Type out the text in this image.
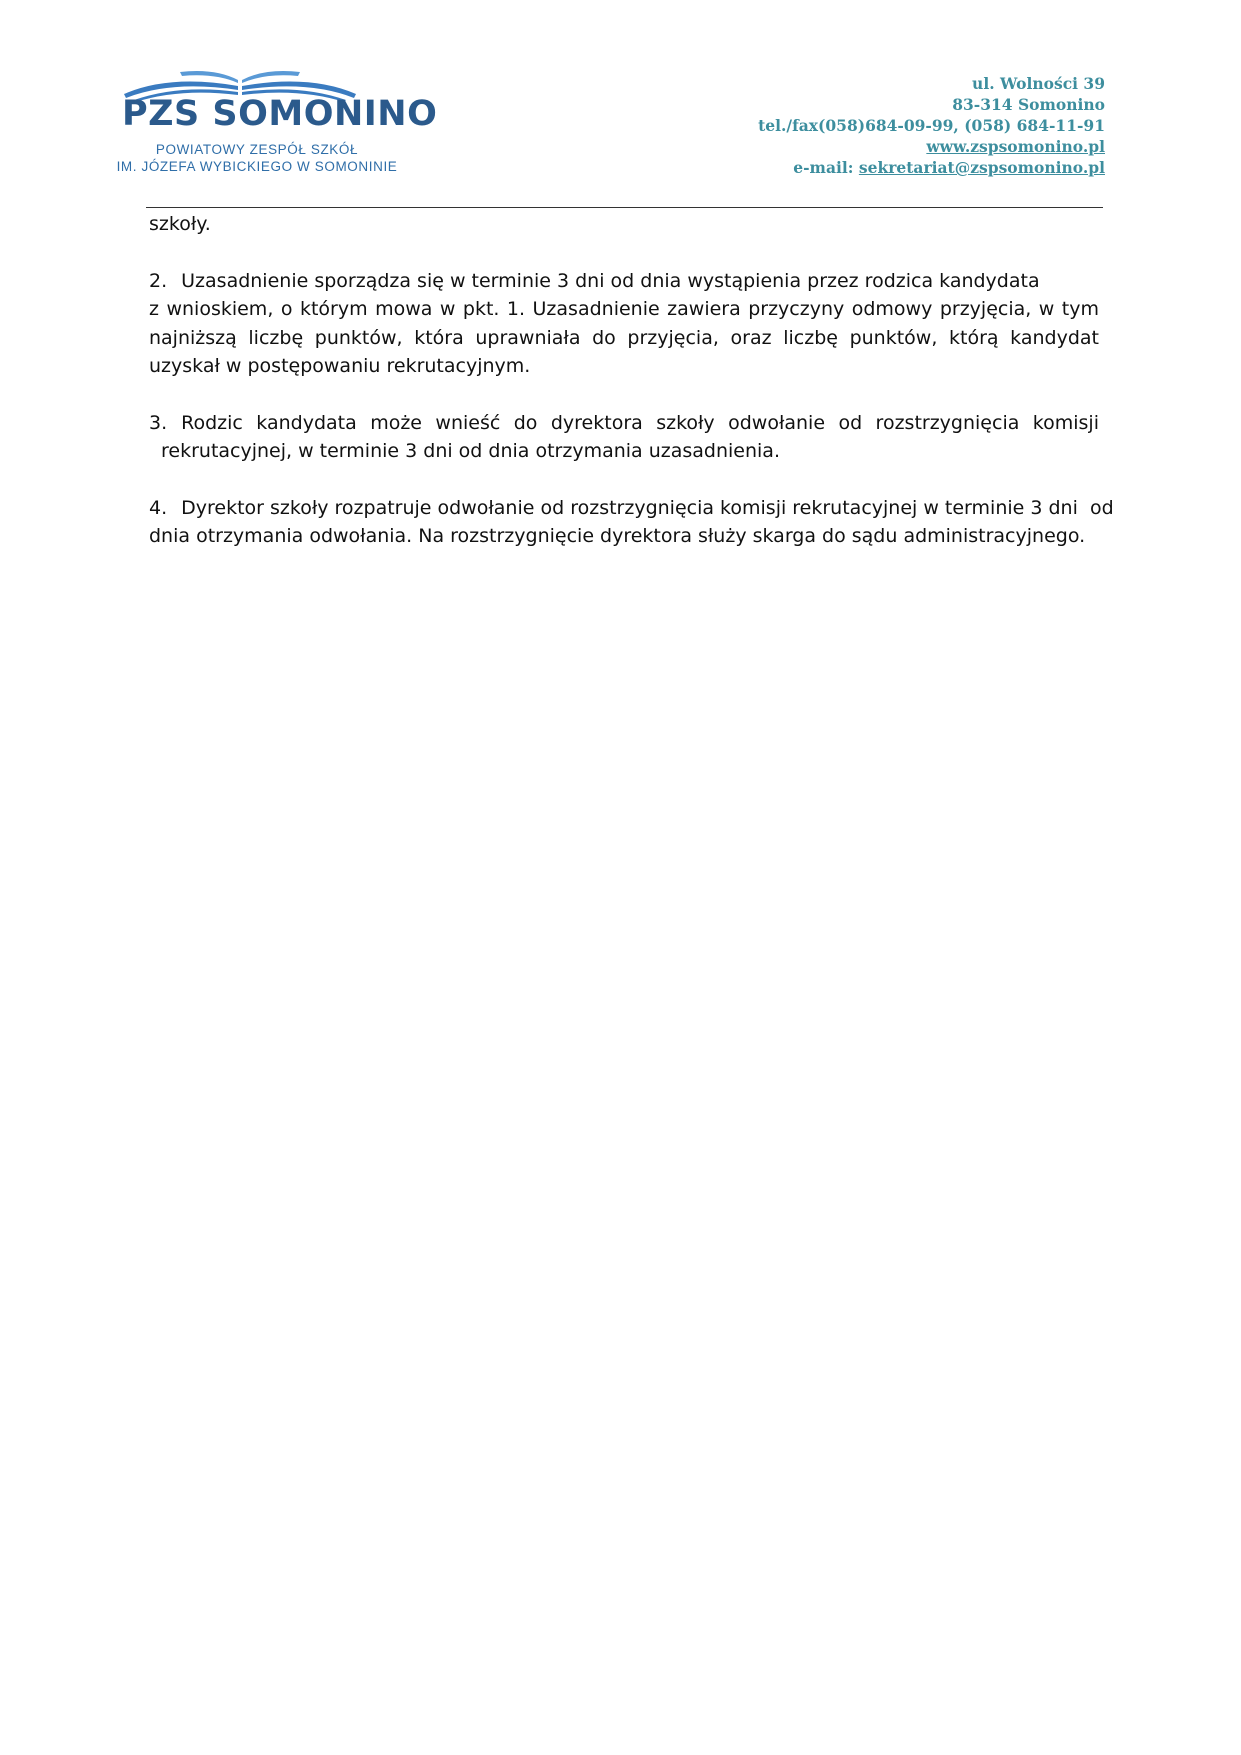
PZS SOMONINO
POWIATOWY ZESPÓŁ SZKÓŁ
IM. JÓZEFA WYBICKIEGO W SOMONINIE
ul. Wolności 39
83-314 Somonino
tel./fax(058)684-09-99, (058) 684-11-91
www.zspsomonino.pl
e-mail: sekretariat@zspsomonino.pl

szkoły.

2. Uzasadnienie sporządza się w terminie 3 dni od dnia wystąpienia przez rodzica kandydata

z wnioskiem, o którym mowa w pkt. 1. Uzasadnienie zawiera przyczyny odmowy przyjęcia, w tym najniższą liczbę punktów, która uprawniała do przyjęcia, oraz liczbę punktów, którą kandydat uzyskał w postępowaniu rekrutacyjnym.

3. Rodzic kandydata może wnieść do dyrektora szkoły odwołanie od rozstrzygnięcia komisji

rekrutacyjnej, w terminie 3 dni od dnia otrzymania uzasadnienia.

4. Dyrektor szkoły rozpatruje odwołanie od rozstrzygnięcia komisji rekrutacyjnej w terminie 3 dni  od

dnia otrzymania odwołania. Na rozstrzygnięcie dyrektora służy skarga do sądu administracyjnego.
